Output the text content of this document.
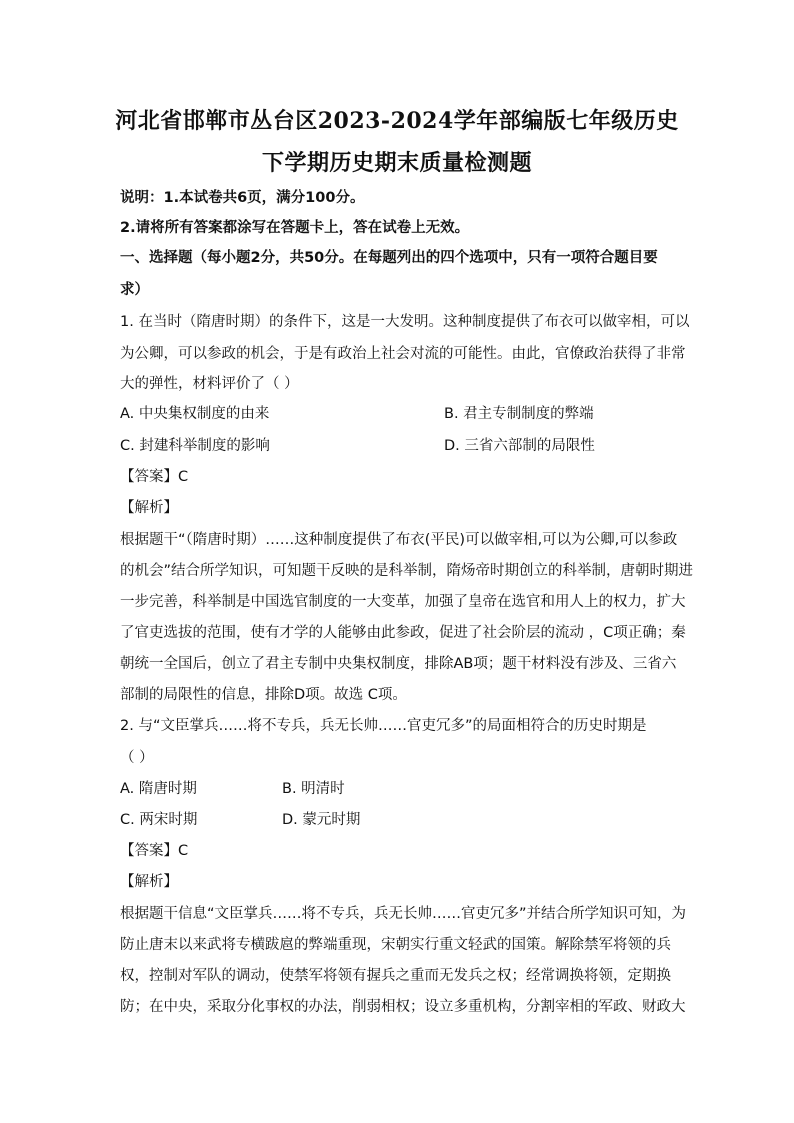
河北省邯郸市丛台区2023-2024学年部编版七年级历史
下学期历史期末质量检测题
说明：1.本试卷共6页，满分100分。
2.请将所有答案都涂写在答题卡上，答在试卷上无效。
一、选择题（每小题2分，共50分。在每题列出的四个选项中，只有一项符合题目要
求）
1. 在当时（隋唐时期）的条件下，这是一大发明。这种制度提供了布衣可以做宰相，可以
为公卿，可以参政的机会，于是有政治上社会对流的可能性。由此，官僚政治获得了非常
大的弹性，材料评价了（ ）
A. 中央集权制度的由来	B. 君主专制制度的弊端
C. 封建科举制度的影响	D. 三省六部制的局限性
【答案】C
【解析】
根据题干“（隋唐时期）……这种制度提供了布衣(平民)可以做宰相,可以为公卿,可以参政
的机会”结合所学知识，可知题干反映的是科举制，隋炀帝时期创立的科举制，唐朝时期进
一步完善，科举制是中国选官制度的一大变革，加强了皇帝在选官和用人上的权力，扩大
了官吏选拔的范围，使有才学的人能够由此参政，促进了社会阶层的流动 ，C项正确；秦
朝统一全国后，创立了君主专制中央集权制度，排除AB项；题干材料没有涉及、三省六
部制的局限性的信息，排除D项。故选 C项。
2. 与“文臣掌兵……将不专兵，兵无长帅……官吏冗多”的局面相符合的历史时期是
（ ）
A. 隋唐时期	B. 明清时
C. 两宋时期	D. 蒙元时期
【答案】C
【解析】
根据题干信息“文臣掌兵……将不专兵，兵无长帅……官吏冗多”并结合所学知识可知，为
防止唐末以来武将专横跋扈的弊端重现，宋朝实行重文轻武的国策。解除禁军将领的兵
权，控制对军队的调动，使禁军将领有握兵之重而无发兵之权；经常调换将领，定期换
防；在中央，采取分化事权的办法，削弱相权；设立多重机构，分割宰相的军政、财政大
